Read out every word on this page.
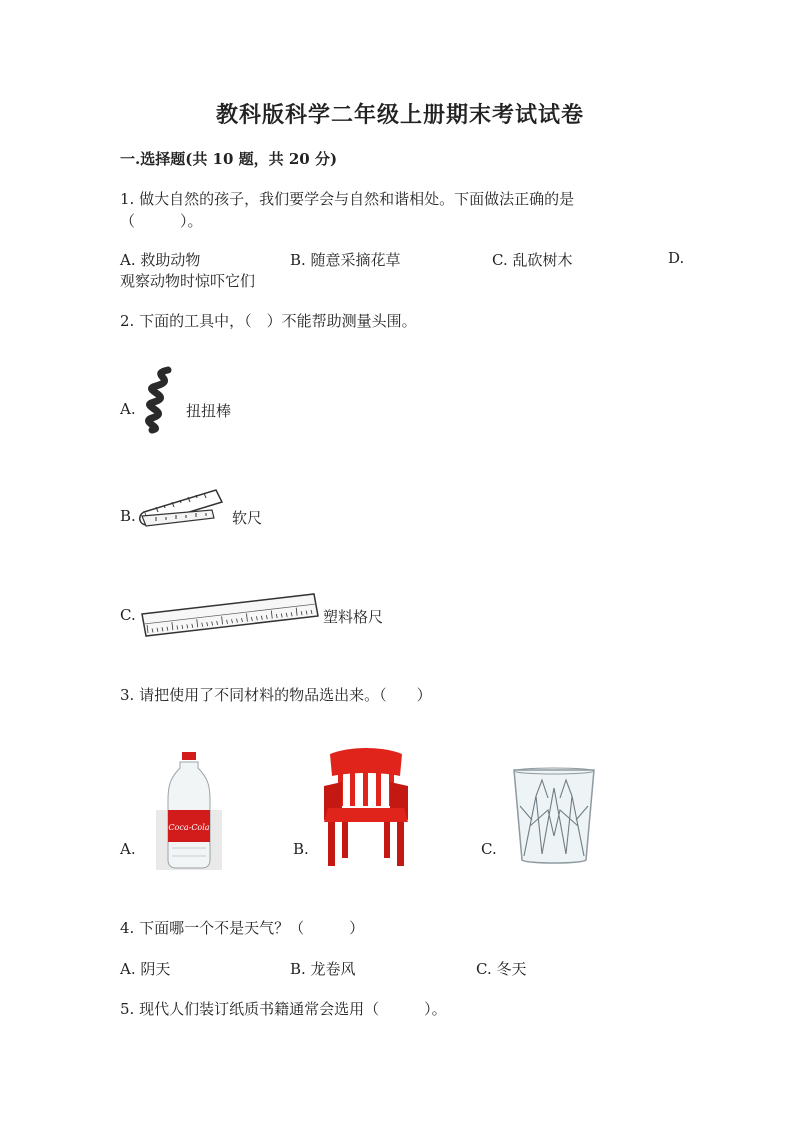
教科版科学二年级上册期末考试试卷
一.选择题(共 10 题，共 20 分)
1. 做大自然的孩子，我们要学会与自然和谐相处。下面做法正确的是
（　　　）。
A. 救助动物	B. 随意采摘花草	C. 乱砍树木	D.
观察动物时惊吓它们
2. 下面的工具中，（　）不能帮助测量头围。
A.	扭扭棒
B.	软尺
C.	塑料格尺
3. 请把使用了不同材料的物品选出来。（　　）
A.
Coca-Cola
B.	C.
4. 下面哪一个不是天气？（　　　）
A. 阴天	B. 龙卷风	C. 冬天
5. 现代人们装订纸质书籍通常会选用（　　　）。
